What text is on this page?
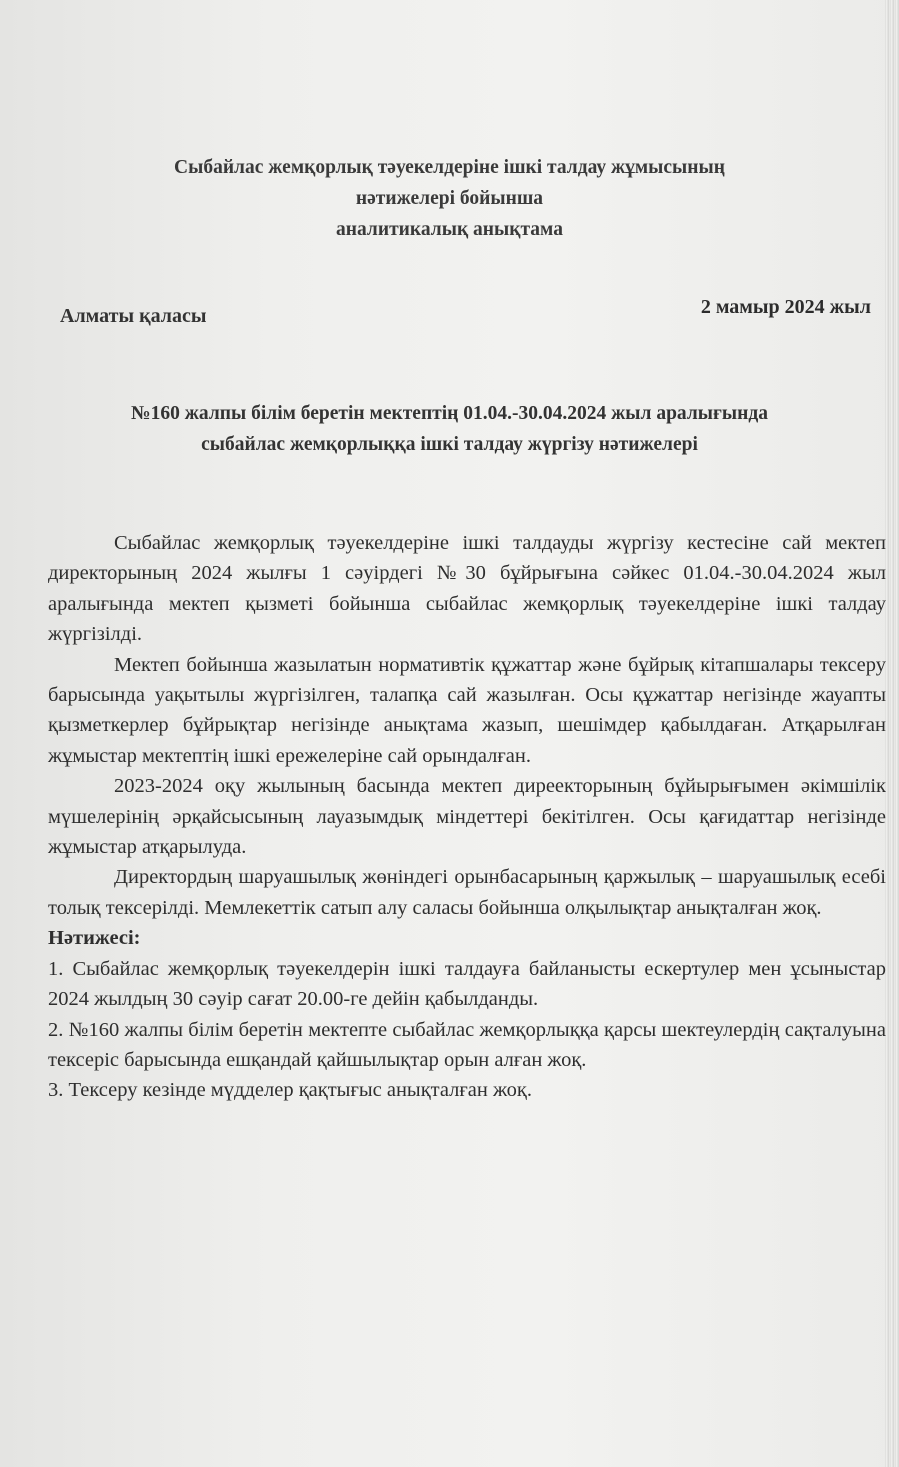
Сыбайлас жемқорлық тәуекелдеріне ішкі талдау жұмысының
нәтижелері бойынша
аналитикалық анықтама
Алматы қаласы	2 мамыр 2024 жыл
№160 жалпы білім беретін мектептің 01.04.-30.04.2024 жыл аралығында
сыбайлас жемқорлыққа ішкі талдау жүргізу нәтижелері

Сыбайлас жемқорлық тәуекелдеріне ішкі талдауды жүргізу кестесіне сай мектеп директорының 2024 жылғы 1 сәуірдегі №30 бұйрығына сәйкес 01.04.-30.04.2024 жыл аралығында мектеп қызметі бойынша сыбайлас жемқорлық тәуекелдеріне ішкі талдау жүргізілді.

Мектеп бойынша жазылатын нормативтік құжаттар және бұйрық кітапшалары тексеру барысында уақытылы жүргізілген, талапқа сай жазылған. Осы құжаттар негізінде жауапты қызметкерлер бұйрықтар негізінде анықтама жазып, шешімдер қабылдаған. Атқарылған жұмыстар мектептің ішкі ережелеріне сай орындалған.

2023-2024 оқу жылының басында мектеп диреекторының бұйырығымен әкімшілік мүшелерінің әрқайсысының лауазымдық міндеттері бекітілген. Осы қағидаттар негізінде жұмыстар атқарылуда.

Директордың шаруашылық жөніндегі орынбасарының қаржылық – шаруашылық есебі толық тексерілді. Мемлекеттік сатып алу саласы бойынша олқылықтар анықталған жоқ.

Нәтижесі:

1. Сыбайлас жемқорлық тәуекелдерін ішкі талдауға байланысты ескертулер мен ұсыныстар 2024 жылдың 30 сәуір сағат 20.00-ге дейін қабылданды.

2. №160 жалпы білім беретін мектепте сыбайлас жемқорлыққа қарсы шектеулердің сақталуына тексеріс барысында ешқандай қайшылықтар орын алған жоқ.

3. Тексеру кезінде мүдделер қақтығыс анықталған жоқ.
